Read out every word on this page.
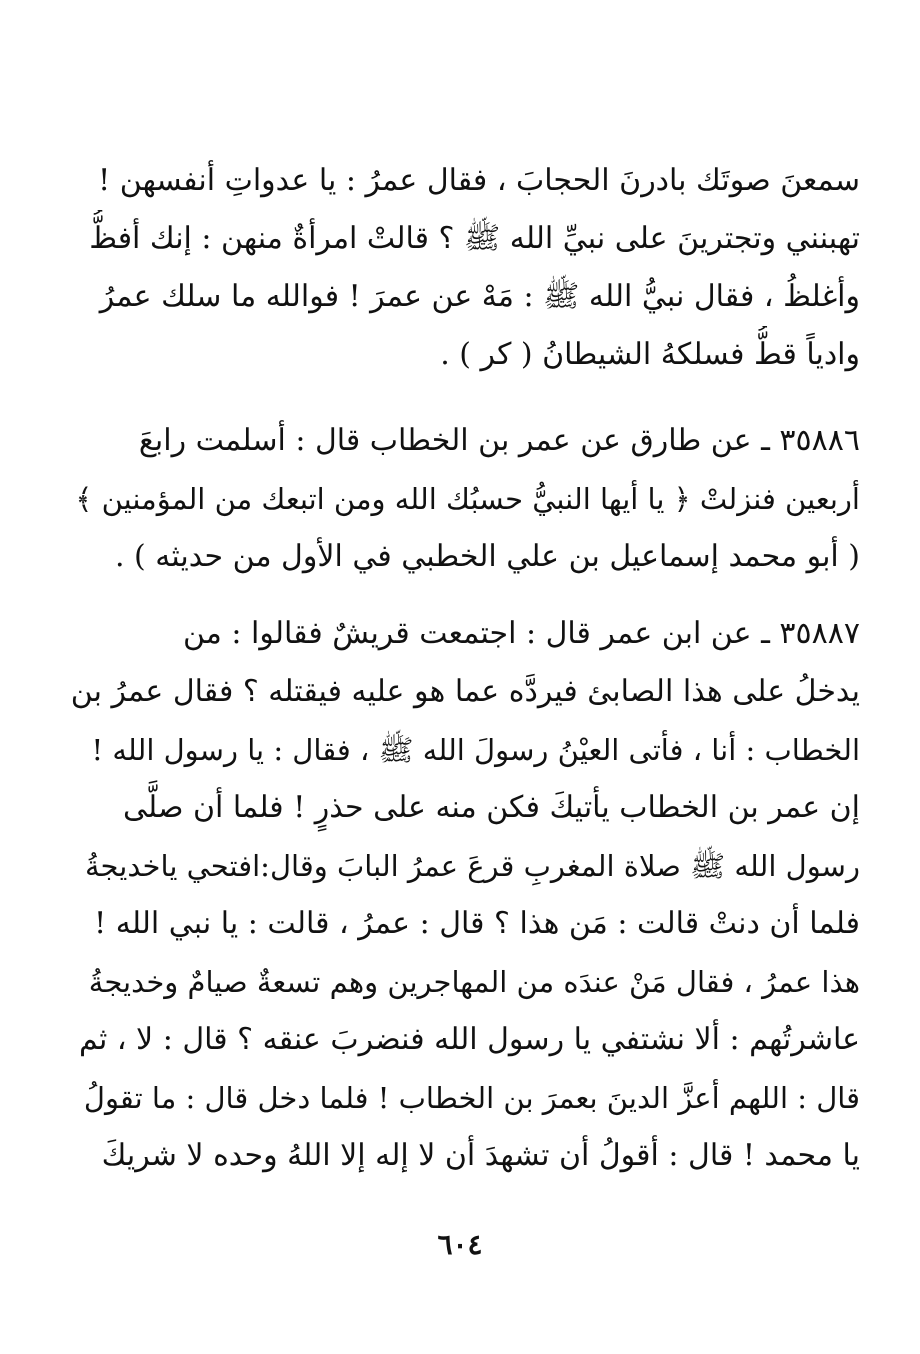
سمعنَ صوتَك بادرنَ الحجابَ ، فقال عمرُ : يا عدواتِ أنفسهن !
تهبنني وتجترينَ على نبيِّ الله ﷺ ؟ قالتْ امرأةٌ منهن : إنك أفظُّ
وأغلظُ ، فقال نبيُّ الله ﷺ : مَهْ عن عمرَ ! فوالله ما سلك عمرُ
وادياً قطُّ فسلكهُ الشيطانُ ( كر ) .
٣٥٨٨٦ ـ عن طارق عن عمر بن الخطاب قال : أسلمت رابعَ
أربعين فنزلتْ ﴿ يا أيها النبيُّ حسبُك الله ومن اتبعك من المؤمنين ﴾
( أبو محمد إسماعيل بن علي الخطبي في الأول من حديثه ) .
٣٥٨٨٧ ـ عن ابن عمر قال : اجتمعت قريشٌ فقالوا : من
يدخلُ على هذا الصابئ فيردَّه عما هو عليه فيقتله ؟ فقال عمرُ بن
الخطاب : أنا ، فأتى العيْنُ رسولَ الله ﷺ ، فقال : يا رسول الله !
إن عمر بن الخطاب يأتيكَ فكن منه على حذرٍ ! فلما أن صلَّى
رسول الله ﷺ صلاة المغربِ قرعَ عمرُ البابَ وقال:افتحي ياخديجةُ
فلما أن دنتْ قالت : مَن هذا ؟ قال : عمرُ ، قالت : يا نبي الله !
هذا عمرُ ، فقال مَنْ عندَه من المهاجرين وهم تسعةٌ صيامٌ وخديجةُ
عاشرتُهم : ألا نشتفي يا رسول الله فنضربَ عنقه ؟ قال : لا ، ثم
قال : اللهم أعزَّ الدينَ بعمرَ بن الخطاب ! فلما دخل قال : ما تقولُ
يا محمد ! قال : أقولُ أن تشهدَ أن لا إله إلا اللهُ وحده لا شريكَ
٦٠٤
